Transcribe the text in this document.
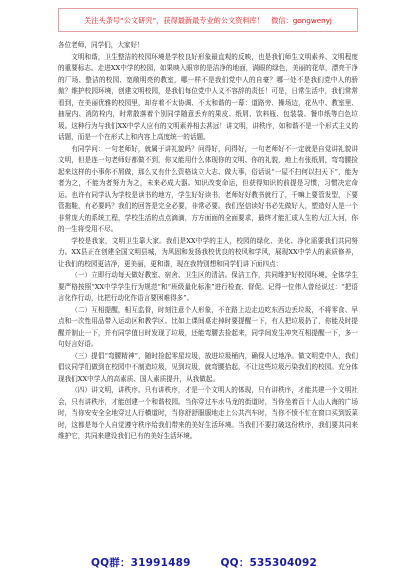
关注头条号“公文研究”，获得最新最专业的公文资料库！　微信：gongwenyj

各位老师，同学们，大家好！

文明和谐，卫生整洁的校园环境是学校良好形象最直观的反映，也是我们师生文明素养、文明程度的重要标志。走进XX中学的校园，如果映入眼帘的是洁净的地面，满眼的绿色，美丽的花草，漂亮干净的厂场、整洁的校园、宽敞明亮的教室，哪一样不是我们党中人的自豪？哪一处不是我们党中人的骄傲？维护校园环境，创建文明校园，是我们每位党中人义不容辞的责任！可是，日常生活中，我们常常看到，在美丽优雅的校园里，却存着不太协调、不太和谐的一幕：道路旁、操场边，花丛中、教室里、抽屉内、消防栓内，时常散落着个别同学随意丢弃的果皮、纸屑、饮料瓶、包装袋、餐巾纸等白色垃圾。这种行为与我们XX中学人应有的文明素养相去甚远！讲文明，讲秩序，如和谐不是一个形式主义的话题，而是一个在形式上和内容上高度统一的话题。

有同学问：一句老师好，就属于讲礼貌吗？问得好，问得好，一句老师好不一定就是自觉讲礼貌讲文明，但是连一句老师好都做不到，你又能用什么体现你的文明、你的礼貌，地上有张纸屑，弯弯腰捡起来这样的小事你不屑做，那么又有什么资格谈立大志、做大事，俗话说“一屋不扫何以扫天下”，能为者为之，不能为者努力为之，未来必成大器。知识改变命运，但获得知识的前提是习惯，习惯决定命运。也许有同学认为学校是读书的地方，学生好好读书，老师好好教书就行了，千嘛上要管发型，下要管拖鞋，有必要吗？我们的回答是完全必要，非常必要。我们坚信读好书必先做好人，塑造好人是一个非常庞大的系统工程，学校生活的点点滴滴，方方面面的全面要求，最终才能汇成人生的大江大河，你的一生将受用不尽。

学校是我家，文明卫生靠大家。我们是XX中学的主人，校园的绿化、美化、净化需要我们共同努力。XX县正在创建全国文明县城，为风固和发扬我校优良的校风和学风，展现XX中学人的素质修养，让我们的校园更洁净，更美丽，更和谐，现在我特别想和同学们讲下面四点：

（一）立即行动每天做好教室、宿舍、卫生区的清洁。保洁工作，共同维护好校园环境。全体学生要严格按照“XX中学学生行为规范”和“班级量化标准”进行检查、督促。记得一位伟人曾经说过：“把语言化作行动，比把行动化作语言要困难得多”。

（二）互相提醒，相互监督，时刻注意个人形象，不在路上边走边吃东西边丢垃圾，不将零食、早点和一次性用品带入运动区和教学区。比如上课间桌走掉时要提醒一下，有人把垃圾扔了，你能及时提醒并制止一下，并有同学值日时发现了垃圾，还能弯腰去捡起来，同学间发生冲突互相提醒一下，多一句好言好语。

（三）提倡“弯腰精神”，随时捡起零星垃圾，放进垃圾桶内，确保人过地净。做文明党中人，我们倡议同学们做到在校园中不制造垃圾，见到垃圾，就弯腰拾起，不让这些垃圾污染我们的校园。充分体现我们XX中学人的高素质、国人素质提升，从我做起。

（四）讲文明，讲秩序。只有讲秩序，才是一个文明人的体现，只有讲秩序，才能共建一个文明社会，只有讲秩序，才能创建一个和谐校园。当你穿过车水马龙的街道时，当你坐着百十人山人海的广场时，当你安安全全地穿过人行横道时，当你舒舒服服地走上公共汽车时，当你不愤不忙在窗口买到饭菜时，这都是每个人自觉遵守秩序给我们带来的美好生活环境。当我们不要打破这份秩序，我们要共同来维护它，共同来建设我们已有的美好生活环境。

QQ群：31991489	QQ：535304092
